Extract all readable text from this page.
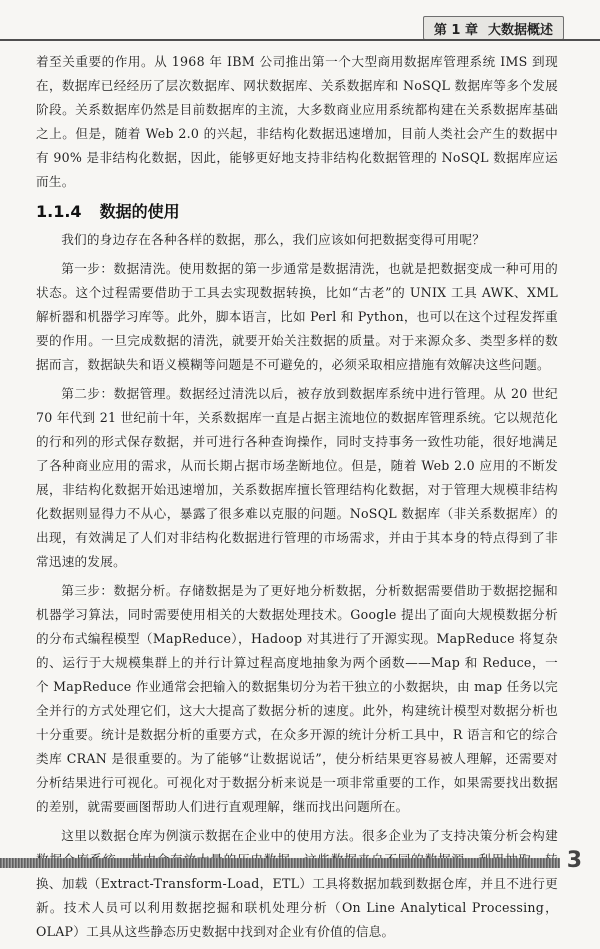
第 1 章 大数据概述

着至关重要的作用。从 1968 年 IBM 公司推出第一个大型商用数据库管理系统 IMS 到现在，数据库已经经历了层次数据库、网状数据库、关系数据库和 NoSQL 数据库等多个发展阶段。关系数据库仍然是目前数据库的主流，大多数商业应用系统都构建在关系数据库基础之上。但是，随着 Web 2.0 的兴起，非结构化数据迅速增加，目前人类社会产生的数据中有 90% 是非结构化数据，因此，能够更好地支持非结构化数据管理的 NoSQL 数据库应运而生。

1.1.4 数据的使用

我们的身边存在各种各样的数据，那么，我们应该如何把数据变得可用呢？

第一步：数据清洗。使用数据的第一步通常是数据清洗，也就是把数据变成一种可用的状态。这个过程需要借助于工具去实现数据转换，比如“古老”的 UNIX 工具 AWK、XML 解析器和机器学习库等。此外，脚本语言，比如 Perl 和 Python，也可以在这个过程发挥重要的作用。一旦完成数据的清洗，就要开始关注数据的质量。对于来源众多、类型多样的数据而言，数据缺失和语义模糊等问题是不可避免的，必须采取相应措施有效解决这些问题。

第二步：数据管理。数据经过清洗以后，被存放到数据库系统中进行管理。从 20 世纪 70 年代到 21 世纪前十年，关系数据库一直是占据主流地位的数据库管理系统。它以规范化的行和列的形式保存数据，并可进行各种查询操作，同时支持事务一致性功能，很好地满足了各种商业应用的需求，从而长期占据市场垄断地位。但是，随着 Web 2.0 应用的不断发展，非结构化数据开始迅速增加，关系数据库擅长管理结构化数据，对于管理大规模非结构化数据则显得力不从心，暴露了很多难以克服的问题。NoSQL 数据库（非关系数据库）的出现，有效满足了人们对非结构化数据进行管理的市场需求，并由于其本身的特点得到了非常迅速的发展。

第三步：数据分析。存储数据是为了更好地分析数据，分析数据需要借助于数据挖掘和机器学习算法，同时需要使用相关的大数据处理技术。Google 提出了面向大规模数据分析的分布式编程模型（MapReduce），Hadoop 对其进行了开源实现。MapReduce 将复杂的、运行于大规模集群上的并行计算过程高度地抽象为两个函数——Map 和 Reduce，一个 MapReduce 作业通常会把输入的数据集切分为若干独立的小数据块，由 map 任务以完全并行的方式处理它们，这大大提高了数据分析的速度。此外，构建统计模型对数据分析也十分重要。统计是数据分析的重要方式，在众多开源的统计分析工具中，R 语言和它的综合类库 CRAN 是很重要的。为了能够“让数据说话”，使分析结果更容易被人理解，还需要对分析结果进行可视化。可视化对于数据分析来说是一项非常重要的工作，如果需要找出数据的差别，就需要画图帮助人们进行直观理解，继而找出问题所在。

这里以数据仓库为例演示数据在企业中的使用方法。很多企业为了支持决策分析会构建 换、加载（Extract-Transform-Load，ETL）工具将数据加载到数据仓库，并且不进行更新。技术人员可以利用数据挖掘和联机处理分析（On Line Analytical Processing，OLAP）工具从这些静态历史数据中找到对企业有价值的信息。

3
